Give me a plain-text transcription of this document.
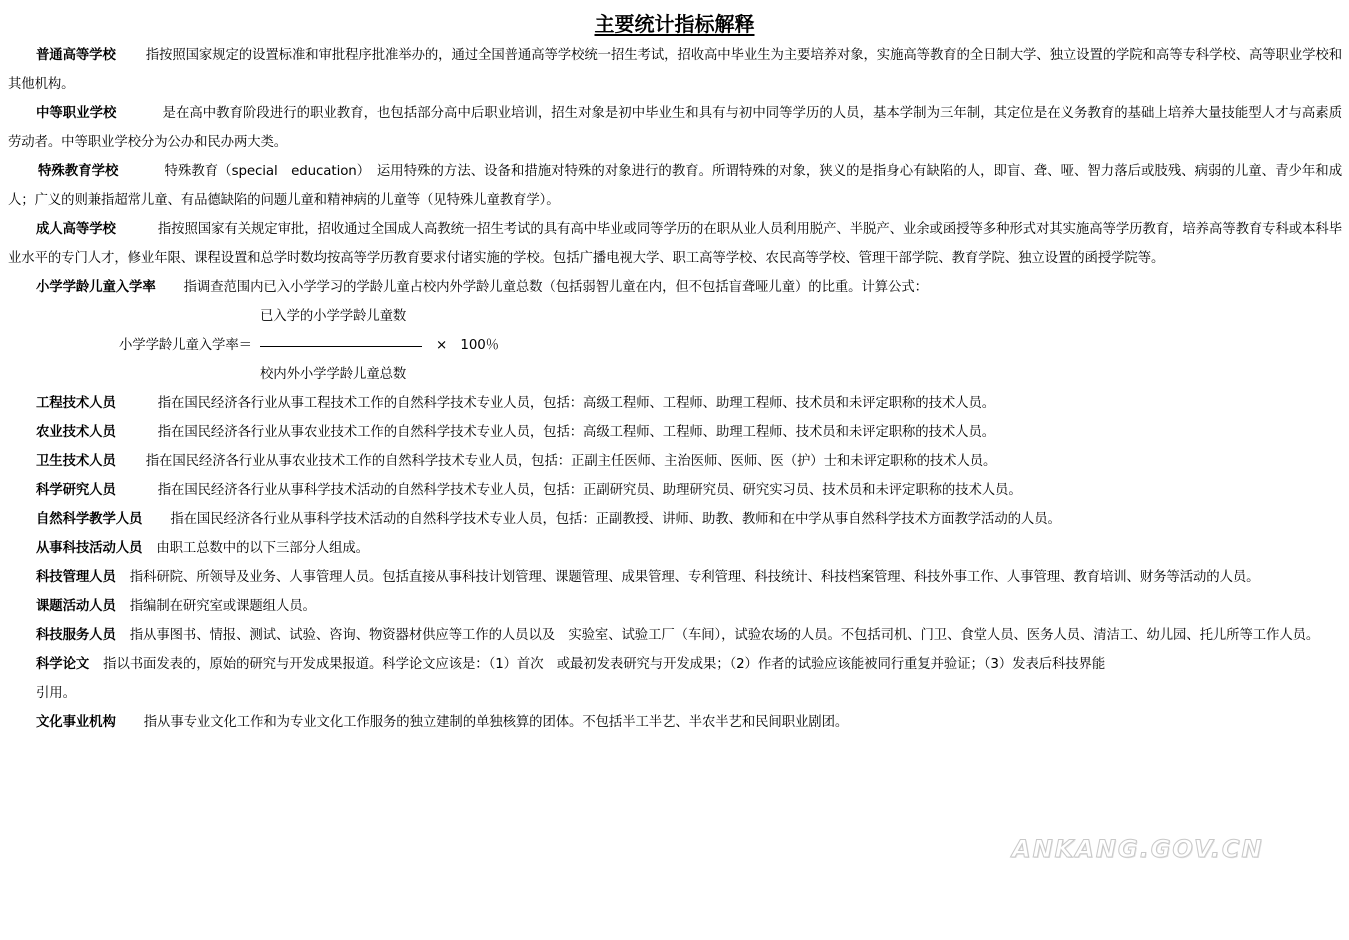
主要统计指标解释

普通高等学校 指按照国家规定的设置标准和审批程序批准举办的，通过全国普通高等学校统一招生考试，招收高中毕业生为主要培养对象，实施高等教育的全日制大学、独立设置的学院和高等专科学校、高等职业学校和其他机构。

中等职业学校	是在高中教育阶段进行的职业教育，也包括部分高中后职业培训，招生对象是初中毕业生和具有与初中同等学历的人员，基本学制为三年制，其定位是在义务教育的基础上培养大量技能型人才与高素质劳动者。中等职业学校分为公办和民办两大类。

特殊教育学校	特殊教育（special　education）　运用特殊的方法、设备和措施对特殊的对象进行的教育。所谓特殊的对象，狭义的是指身心有缺陷的人，即盲、聋、哑、智力落后或肢残、病弱的儿童、青少年和成人；广义的则兼指超常儿童、有品德缺陷的问题儿童和精神病的儿童等（见特殊儿童教育学）。

成人高等学校	指按照国家有关规定审批，招收通过全国成人高教统一招生考试的具有高中毕业或同等学历的在职从业人员利用脱产、半脱产、业余或函授等多种形式对其实施高等学历教育，培养高等教育专科或本科毕业水平的专门人才，修业年限、课程设置和总学时数均按高等学历教育要求付诸实施的学校。包括广播电视大学、职工高等学校、农民高等学校、管理干部学院、教育学院、独立设置的函授学院等。

小学学龄儿童入学率 指调查范围内已入小学学习的学龄儿童占校内外学龄儿童总数（包括弱智儿童在内，但不包括盲聋哑儿童）的比重。计算公式：

已入学的小学学龄儿童数
小学学龄儿童入学率＝	×　100％
校内外小学学龄儿童总数

工程技术人员	指在国民经济各行业从事工程技术工作的自然科学技术专业人员，包括：高级工程师、工程师、助理工程师、技术员和未评定职称的技术人员。

农业技术人员	指在国民经济各行业从事农业技术工作的自然科学技术专业人员，包括：高级工程师、工程师、助理工程师、技术员和未评定职称的技术人员。

卫生技术人员 指在国民经济各行业从事农业技术工作的自然科学技术专业人员，包括：正副主任医师、主治医师、医师、医（护）士和未评定职称的技术人员。

科学研究人员	指在国民经济各行业从事科学技术活动的自然科学技术专业人员，包括：正副研究员、助理研究员、研究实习员、技术员和未评定职称的技术人员。

自然科学教学人员 指在国民经济各行业从事科学技术活动的自然科学技术专业人员，包括：正副教授、讲师、助教、教师和在中学从事自然科学技术方面教学活动的人员。

从事科技活动人员 由职工总数中的以下三部分人组成。

科技管理人员 指科研院、所领导及业务、人事管理人员。包括直接从事科技计划管理、课题管理、成果管理、专利管理、科技统计、科技档案管理、科技外事工作、人事管理、教育培训、财务等活动的人员。

课题活动人员 指编制在研究室或课题组人员。

科技服务人员 指从事图书、情报、测试、试验、咨询、物资器材供应等工作的人员以及　实验室、试验工厂（车间），试验农场的人员。不包括司机、门卫、食堂人员、医务人员、清洁工、幼儿园、托儿所等工作人员。

科学论文 指以书面发表的，原始的研究与开发成果报道。科学论文应该是：（1）首次　或最初发表研究与开发成果；（2）作者的试验应该能被同行重复并验证；（3）发表后科技界能

引用。

文化事业机构 指从事专业文化工作和为专业文化工作服务的独立建制的单独核算的团体。不包括半工半艺、半农半艺和民间职业剧团。

ANKANG.GOV.CN
